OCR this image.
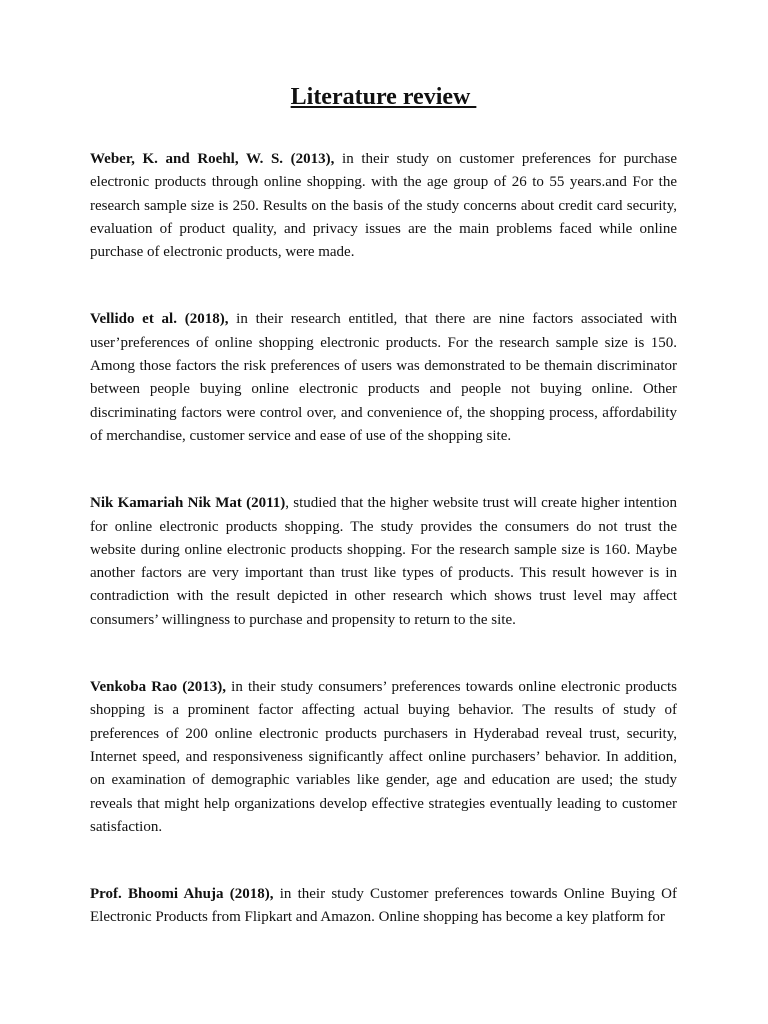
Literature review

Weber, K. and Roehl, W. S. (2013), in their study on customer preferences for purchase electronic products through online shopping. with the age group of 26 to 55 years.and For the research sample size is 250. Results on the basis of the study concerns about credit card security, evaluation of product quality, and privacy issues are the main problems faced while online purchase of electronic products, were made.

Vellido et al. (2018), in their research entitled, that there are nine factors associated with user’preferences of online shopping electronic products. For the research sample size is 150. Among those factors the risk preferences of users was demonstrated to be themain discriminator between people buying online electronic products and people not buying online. Other discriminating factors were control over, and convenience of, the shopping process, affordability of merchandise, customer service and ease of use of the shopping site.

Nik Kamariah Nik Mat (2011), studied that the higher website trust will create higher intention for online electronic products shopping. The study provides the consumers do not trust the website during online electronic products shopping. For the research sample size is 160. Maybe another factors are very important than trust like types of products. This result however is in contradiction with the result depicted in other research which shows trust level may affect consumers’ willingness to purchase and propensity to return to the site.

Venkoba Rao (2013), in their study consumers’ preferences towards online electronic products shopping is a prominent factor affecting actual buying behavior. The results of study of preferences of 200 online electronic products purchasers in Hyderabad reveal trust, security, Internet speed, and responsiveness significantly affect online purchasers’ behavior. In addition, on examination of demographic variables like gender, age and education are used; the study reveals that might help organizations develop effective strategies eventually leading to customer satisfaction.

Prof. Bhoomi Ahuja (2018), in their study Customer preferences towards Online Buying Of Electronic Products from Flipkart and Amazon. Online shopping has become a key platform for
